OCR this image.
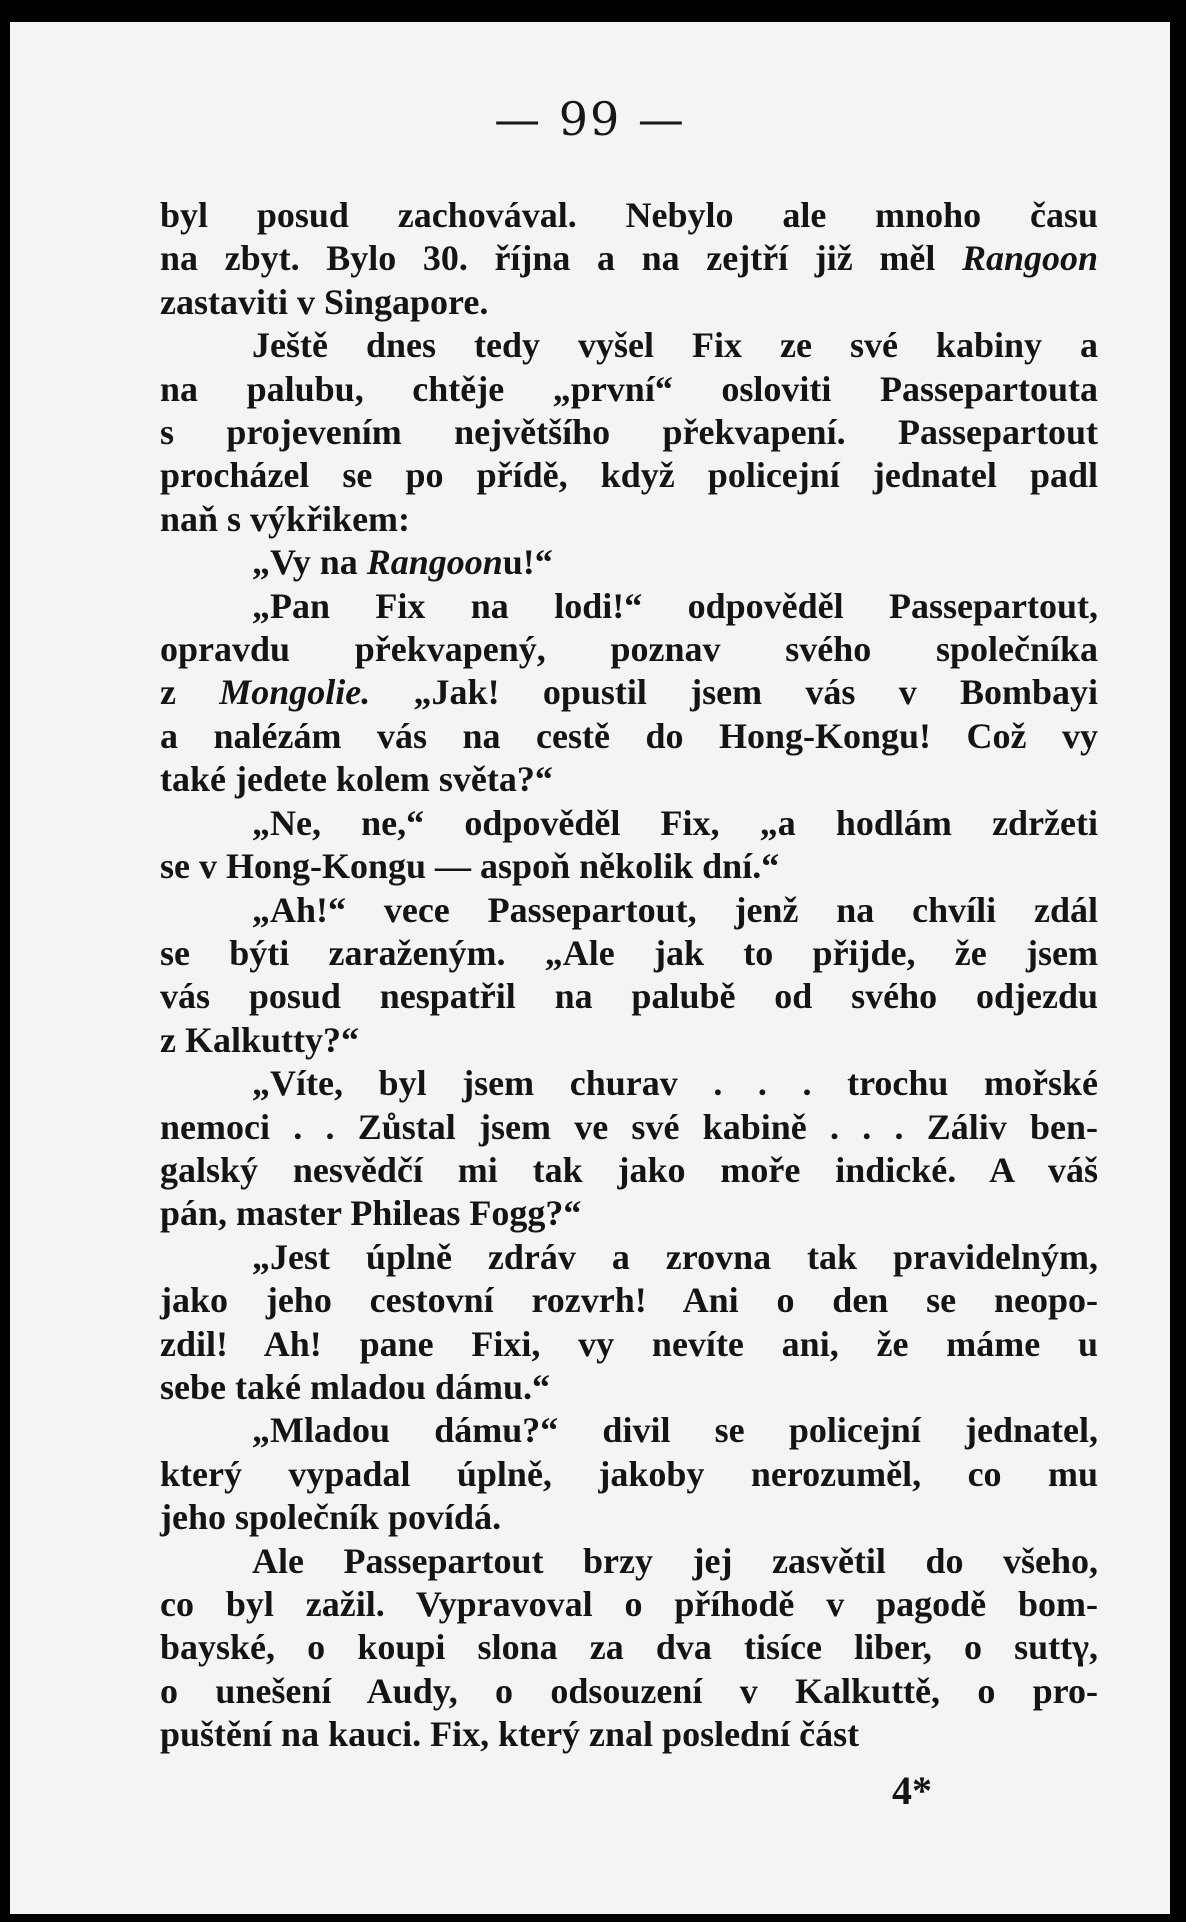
— 99 —
byl posud zachovával. Nebylo ale mnoho času
na zbyt. Bylo 30. října a na zejtří již měl Rangoon
zastaviti v Singapore.
Ještě dnes tedy vyšel Fix ze své kabiny a
na palubu, chtěje „první“ osloviti Passepartouta
s projevením největšího překvapení. Passepartout
procházel se po přídě, když policejní jednatel padl
naň s výkřikem:
„Vy na Rangoonu!“
„Pan Fix na lodi!“ odpověděl Passepartout,
opravdu překvapený, poznav svého společníka
z Mongolie. „Jak! opustil jsem vás v Bombayi
a nalézám vás na cestě do Hong-Kongu! Což vy
také jedete kolem světa?“
„Ne, ne,“ odpověděl Fix, „a hodlám zdržeti
se v Hong-Kongu — aspoň několik dní.“
„Ah!“ vece Passepartout, jenž na chvíli zdál
se býti zaraženým. „Ale jak to přijde, že jsem
vás posud nespatřil na palubě od svého odjezdu
z Kalkutty?“
„Víte, byl jsem churav . . . trochu mořské
nemoci . . Zůstal jsem ve své kabině . . . Záliv ben-
galský nesvědčí mi tak jako moře indické. A váš
pán, master Phileas Fogg?“
„Jest úplně zdráv a zrovna tak pravidelným,
jako jeho cestovní rozvrh! Ani o den se neopo-
zdil! Ah! pane Fixi, vy nevíte ani, že máme u
sebe také mladou dámu.“
„Mladou dámu?“ divil se policejní jednatel,
který vypadal úplně, jakoby nerozuměl, co mu
jeho společník povídá.
Ale Passepartout brzy jej zasvětil do všeho,
co byl zažil. Vypravoval o příhodě v pagodě bom-
bayské, o koupi slona za dva tisíce liber, o suttγ,
o unešení Audy, o odsouzení v Kalkuttě, o pro-
puštění na kauci. Fix, který znal poslední část
4*
